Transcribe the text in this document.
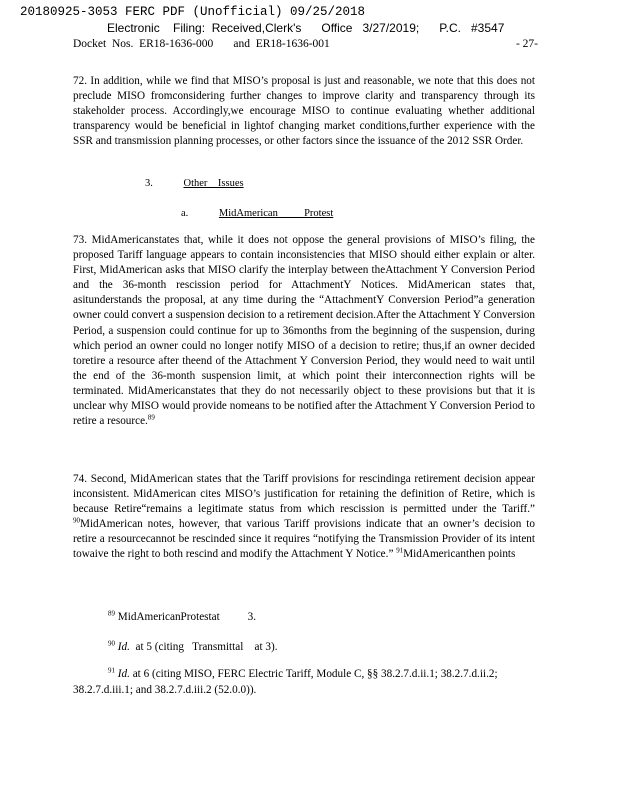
20180925-3053 FERC PDF (Unofficial) 09/25/2018
Electronic    Filing:  Received,Clerk's      Office   3/27/2019;      P.C.   #3547
Docket  Nos.  ER18-1636-000       and  ER18-1636-001	- 27-
72. In addition, while we find that MISO’s proposal is just and reasonable, we note that this does not preclude MISO fromconsidering further changes to improve clarity and transparency through its stakeholder process. Accordingly,we encourage MISO to continue evaluating whether additional transparency would be beneficial in lightof changing market conditions,further experience with the SSR and transmission planning processes, or other factors since the issuance of the 2012 SSR Order.
3.	Other    Issues
a.	MidAmerican          Protest
73. MidAmericanstates that, while it does not oppose the general provisions of MISO’s filing, the proposed Tariff language appears to contain inconsistencies that MISO should either explain or alter. First, MidAmerican asks that MISO clarify the interplay between theAttachment Y Conversion Period and the 36-month rescission period for AttachmentY Notices. MidAmerican states that, asitunderstands the proposal, at any time during the “AttachmentY Conversion Period”a generation owner could convert a suspension decision to a retirement decision.After the Attachment Y Conversion Period, a suspension could continue for up to 36months from the beginning of the suspension, during which period an owner could no longer notify MISO of a decision to retire; thus,if an owner decided toretire a resource after theend of the Attachment Y Conversion Period, they would need to wait until the end of the 36-month suspension limit, at which point their interconnection rights will be terminated. MidAmericanstates that they do not necessarily object to these provisions but that it is unclear why MISO would provide nomeans to be notified after the Attachment Y Conversion Period to retire a resource.$^{89}$
74. Second, MidAmerican states that the Tariff provisions for rescindinga retirement decision appear inconsistent. MidAmerican cites MISO’s justification for retaining the definition of Retire, which is because Retire“remains a legitimate status from which rescission is permitted under the Tariff.” $^{90}$MidAmerican notes, however, that various Tariff provisions indicate that an owner’s decision to retire a resourcecannot be rescinded since it requires “notifying the Transmission Provider of its intent towaive the right to both rescind and modify the Attachment Y Notice.” $^{91}$MidAmericanthen points
$^{89}$ MidAmericanProtestat          3.
$^{90}$ Id. at 5 (citing   Transmittal    at 3).
$^{91}$ Id. at 6 (citing MISO, FERC Electric Tariff, Module C, §§ 38.2.7.d.ii.1; 38.2.7.d.ii.2; 38.2.7.d.iii.1; and 38.2.7.d.iii.2 (52.0.0)).
